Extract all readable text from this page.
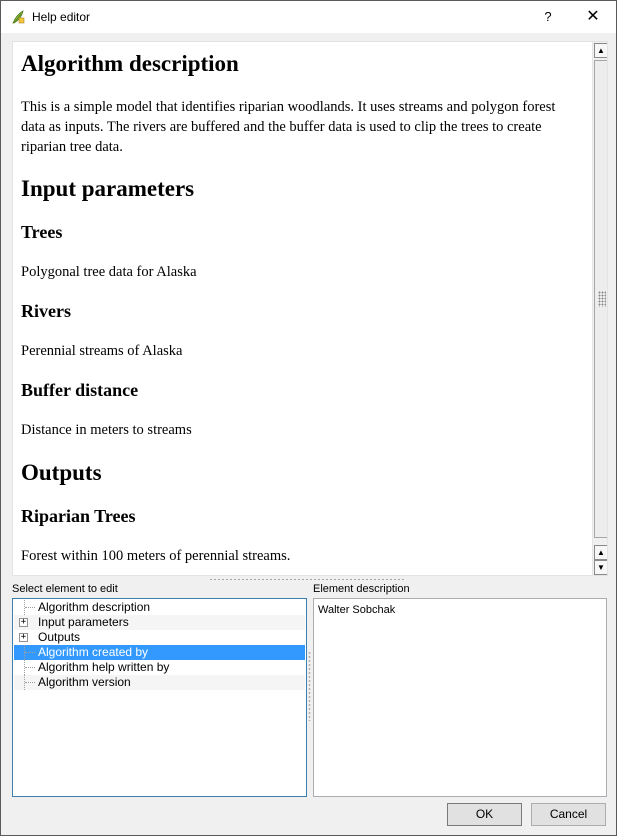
Help editor	?	✕
Algorithm description

This is a simple model that identifies riparian woodlands. It uses streams and polygon forest data as inputs. The rivers are buffered and the buffer data is used to clip the trees to create riparian tree data.

Input parameters
Trees

Polygonal tree data for Alaska

Rivers

Perennial streams of Alaska

Buffer distance

Distance in meters to streams

Outputs
Riparian Trees

Forest within 100 meters of perennial streams.

▲
▲
▼
Select element to edit	Element description
Algorithm description
+ Input parameters
+ Outputs
Algorithm created by
Algorithm help written by
Algorithm version
Walter Sobchak
OK	Cancel
